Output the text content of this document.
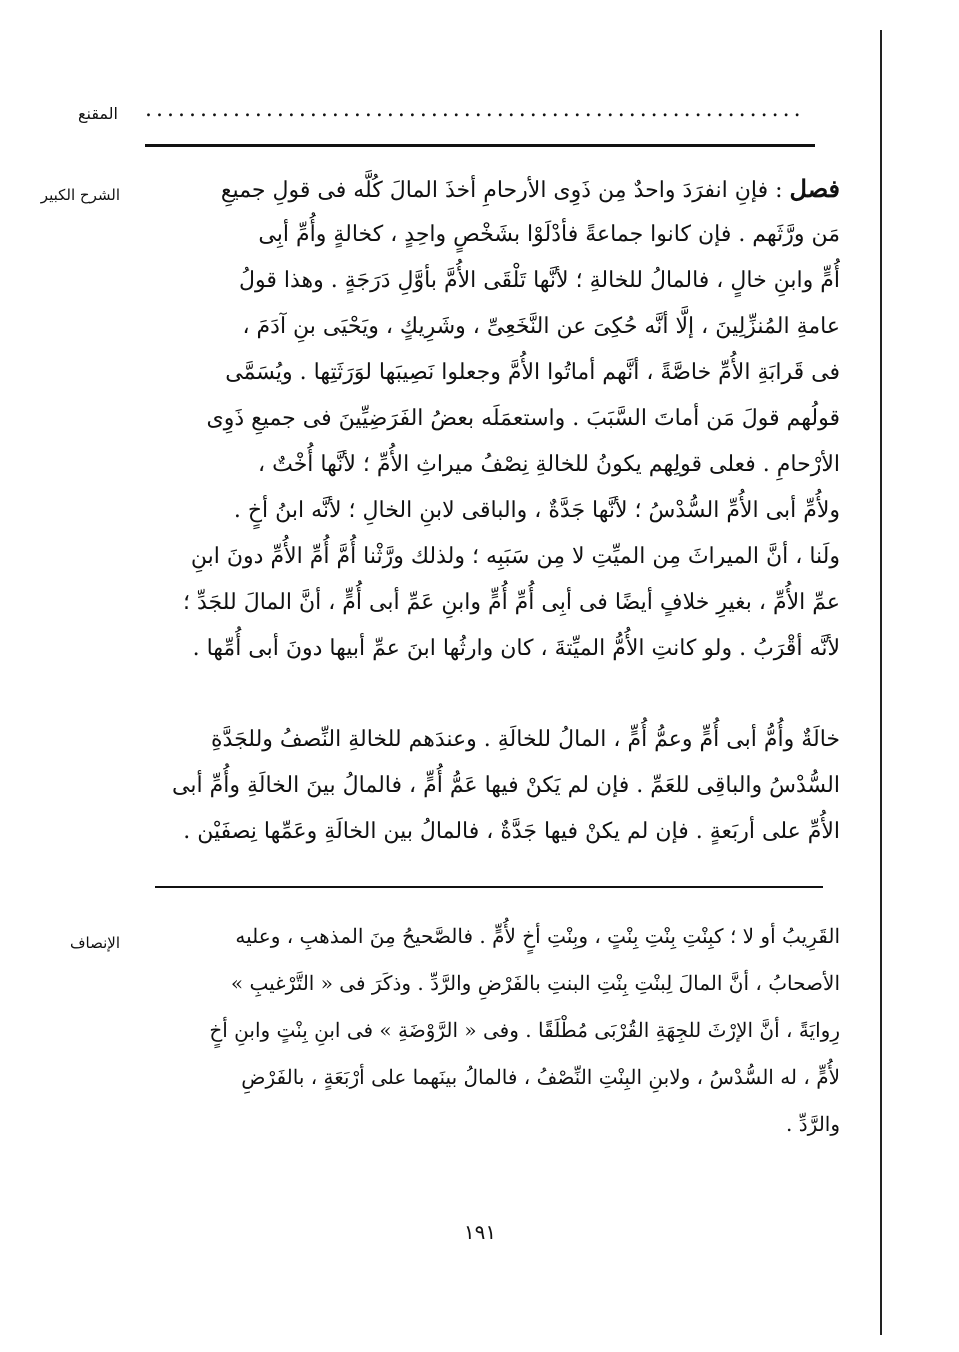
المقنع ............................................................
الشرح الكبير
الإنصاف
فصل : فإنِ انفرَدَ واحدٌ مِن ذَوِى الأرحامِ أخذَ المالَ كُلَّه فى قولِ جميعِ
مَن ورَّثَهم . فإن كانوا جماعةً فأدْلَوْا بشَخْصٍ واحِدٍ ، كخالةٍ وأُمِّ أبِى
أُمٍّ وابنِ خالٍ ، فالمالُ للخالةِ ؛ لأنَّها تَلْقَى الأُمَّ بأوَّلِ دَرَجَةٍ . وهذا قولُ
عامةِ المُنزِّلِينَ ، إلَّا أنَّه حُكِىَ عن النَّخَعِىِّ ، وشَرِيكٍ ، ويَحْيَى بنِ آدَمَ ،
فى قَرابَةِ الأُمِّ خاصَّةً ، أنَّهم أماتُوا الأُمَّ وجعلوا نَصِيبَها لوَرَثَتِها . ويُسَمَّى
قولُهم قولَ مَن أماتَ السَّبَبَ . واستعمَلَه بعضُ الفَرَضِيِّينَ فى جميعِ ذَوِى
الأرْحامِ . فعلى قولِهم يكونُ للخالةِ نِصْفُ ميراثِ الأُمِّ ؛ لأنَّها أُخْتٌ ،
ولأُمِّ أبى الأُمِّ السُّدْسُ ؛ لأنَّها جَدَّةٌ ، والباقى لابنِ الخالِ ؛ لأنَّه ابنُ أخٍ .
ولَنا ، أنَّ الميراثَ مِن الميِّتِ لا مِن سَبَبِه ؛ ولذلك ورَّثْنا أُمَّ أُمِّ الأُمِّ دونَ ابنِ
عمِّ الأُمِّ ، بغيرِ خلافٍ أيضًا فى أبِى أُمِّ أُمٍّ وابنِ عَمِّ أبى أُمٍّ ، أنَّ المالَ للجَدِّ ؛
لأنَّه أقْرَبُ . ولو كانتِ الأُمُّ الميِّتةَ ، كان وارثُها ابنَ عمِّ أبيها دونَ أبى أُمِّها .
خالَةٌ وأُمُّ أبى أُمٍّ وعمُّ أُمٍّ ، المالُ للخالَةِ . وعندَهم للخالةِ النِّصفُ وللجَدَّةِ
السُّدْسُ والباقِى للعَمِّ . فإن لم يَكنْ فيها عَمُّ أُمٍّ ، فالمالُ بينَ الخالَةِ وأُمِّ أبى
الأُمِّ على أربَعةٍ . فإن لم يكنْ فيها جَدَّةٌ ، فالمالُ بين الخالَةِ وعَمِّها نِصفَيْن .
القَرِيبُ أو لا ؛ كبِنْتِ بِنْتِ بِنْتٍ ، وبِنْتِ أخٍ لأُمٍّ . فالصَّحيحُ مِنَ المذهبِ ، وعليه
الأصحابُ ، أنَّ المالَ لِبنْتِ بِنْتِ البنتِ بالفَرْضِ والرَّدِّ . وذكَرَ فى « التَّرْغيبِ »
رِوايَةً ، أنَّ الإرْثَ للجِهَةِ القُرْبَى مُطْلَقًا . وفى « الرَّوْضَةِ » فى ابنِ بِنْتٍ وابنِ أخٍ
لأُمٍّ ، له السُّدْسُ ، ولابنِ البِنْتِ النِّصْفُ ، فالمالُ بينَهما على أرْبَعَةٍ ، بالفَرْضِ
والرَّدِّ .
١٩١
